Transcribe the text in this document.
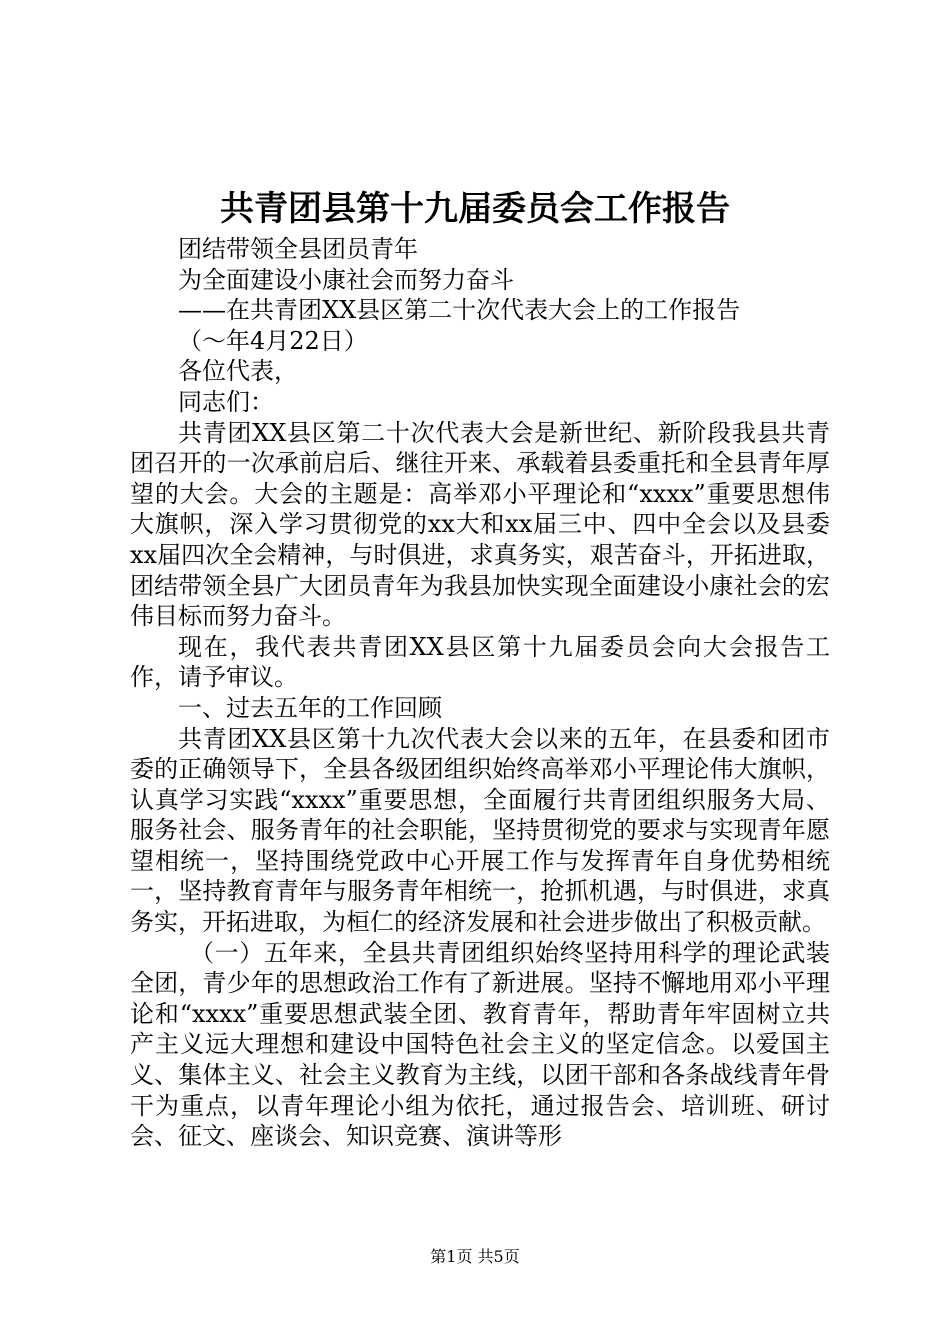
共青团县第十九届委员会工作报告

团结带领全县团员青年

为全面建设小康社会而努力奋斗

——在共青团XX县区第二十次代表大会上的工作报告

（～年4月22日）

各位代表，

同志们：

共青团XX县区第二十次代表大会是新世纪、新阶段我县共青团召开的一次承前启后、继往开来、承载着县委重托和全县青年厚望的大会。大会的主题是：高举邓小平理论和“xxxx”重要思想伟大旗帜，深入学习贯彻党的xx大和xx届三中、四中全会以及县委xx届四次全会精神，与时俱进，求真务实，艰苦奋斗，开拓进取，团结带领全县广大团员青年为我县加快实现全面建设小康社会的宏伟目标而努力奋斗。

现在，我代表共青团XX县区第十九届委员会向大会报告工作，请予审议。

一、过去五年的工作回顾

共青团XX县区第十九次代表大会以来的五年，在县委和团市委的正确领导下，全县各级团组织始终高举邓小平理论伟大旗帜，认真学习实践“xxxx”重要思想，全面履行共青团组织服务大局、服务社会、服务青年的社会职能，坚持贯彻党的要求与实现青年愿望相统一，坚持围绕党政中心开展工作与发挥青年自身优势相统一，坚持教育青年与服务青年相统一，抢抓机遇，与时俱进，求真务实，开拓进取，为桓仁的经济发展和社会进步做出了积极贡献。

（一）五年来，全县共青团组织始终坚持用科学的理论武装全团，青少年的思想政治工作有了新进展。坚持不懈地用邓小平理论和“xxxx”重要思想武装全团、教育青年，帮助青年牢固树立共产主义远大理想和建设中国特色社会主义的坚定信念。以爱国主义、集体主义、社会主义教育为主线，以团干部和各条战线青年骨干为重点，以青年理论小组为依托，通过报告会、培训班、研讨会、征文、座谈会、知识竞赛、演讲等形

第1页 共5页
